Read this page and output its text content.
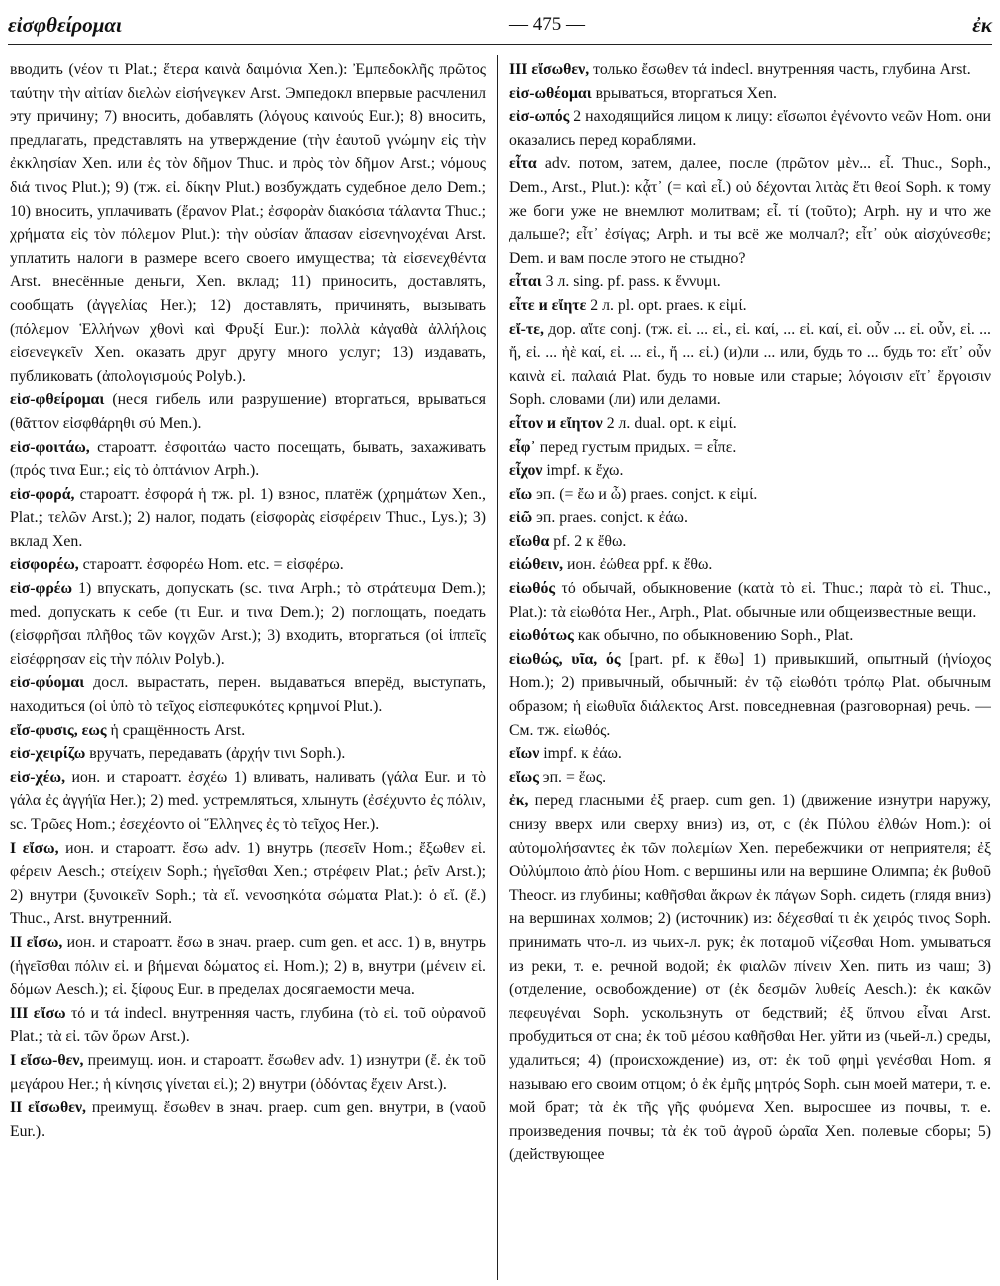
εἰσφθείρομαι	— 475 —	ἐκ

вводить (νέον τι Plat.; ἕτερα καινὰ δαιμόνια Xen.): Ἐμπεδοκλῆς πρῶτος ταύτην τὴν αἰτίαν διελὼν εἰσήνεγκεν Arst. Эмпедокл впервые расчленил эту причину; 7) вносить, добавлять (λόγους καινούς Eur.); 8) вносить, предлагать, представлять на утверждение (τὴν ἑαυτοῦ γνώμην εἰς τὴν ἐκκλησίαν Xen. или ἐς τὸν δῆμον Thuc. и πρὸς τὸν δῆμον Arst.; νόμους διά τινος Plut.); 9) (тж. εἰ. δίκην Plut.) возбуждать судебное дело Dem.; 10) вносить, уплачивать (ἔρανον Plat.; ἐσφορὰν διακόσια τάλαντα Thuc.; χρήματα εἰς τὸν πόλεμον Plut.): τὴν οὐσίαν ἅπασαν εἰσενηνοχέναι Arst. уплатить налоги в размере всего своего имущества; τὰ εἰσενεχθέντα Arst. внесённые деньги, Xen. вклад; 11) приносить, доставлять, сообщать (ἀγγελίας Her.); 12) доставлять, причинять, вызывать (πόλεμον Ἑλλήνων χθονὶ καὶ Φρυξί Eur.): πολλὰ κἀγαθὰ ἀλλήλοις εἰσενεγκεῖν Xen. оказать друг другу много услуг; 13) издавать, публиковать (ἀπολογισμούς Polyb.).

εἰσ-φθείρομαι (неся гибель или разрушение) вторгаться, врываться (θᾶττον εἰσφθάρηθι σύ Men.).

εἰσ-φοιτάω, староатт. ἐσφοιτάω часто посещать, бывать, захаживать (πρός τινα Eur.; εἰς τὸ ὀπτάνιον Arph.).

εἰσ-φορά, староатт. ἐσφορά ἡ тж. pl. 1) взнос, платёж (χρημάτων Xen., Plat.; τελῶν Arst.); 2) налог, подать (εἰσφορὰς εἰσφέρειν Thuc., Lys.); 3) вклад Xen.

εἰσφορέω, староатт. ἐσφορέω Hom. etc. = εἰσφέρω.

εἰσ-φρέω 1) впускать, допускать (sc. τινα Arph.; τὸ στράτευμα Dem.); med. допускать к себе (τι Eur. и τινα Dem.); 2) поглощать, поедать (εἰσφρῆσαι πλῆθος τῶν κογχῶν Arst.); 3) входить, вторгаться (οἱ ἱππεῖς εἰσέφρησαν εἰς τὴν πόλιν Polyb.).

εἰσ-φύομαι досл. вырастать, перен. выдаваться вперёд, выступать, находиться (οἱ ὑπὸ τὸ τεῖχος εἰσπεφυκότες κρημνοί Plut.).

εἴσ-φυσις, εως ἡ сращённость Arst.

εἰσ-χειρίζω вручать, передавать (ἀρχήν τινι Soph.).

εἰσ-χέω, ион. и староатт. ἐσχέω 1) вливать, наливать (γάλα Eur. и τὸ γάλα ἐς ἀγγήϊα Her.); 2) med. устремляться, хлынуть (ἐσέχυντο ἐς πόλιν, sc. Τρῶες Hom.; ἐσεχέοντο οἱ Ἕλληνες ἐς τὸ τεῖχος Her.).

I εἴσω, ион. и староатт. ἔσω adv. 1) внутрь (πεσεῖν Hom.; ἔξωθεν εἰ. φέρειν Aesch.; στείχειν Soph.; ἡγεῖσθαι Xen.; στρέφειν Plat.; ῥεῖν Arst.); 2) внутри (ξυνοικεῖν Soph.; τὰ εἴ. νενοσηκότα σώματα Plat.): ὁ εἴ. (ἔ.) Thuc., Arst. внутренний.

II εἴσω, ион. и староатт. ἔσω в знач. praep. cum gen. et acc. 1) в, внутрь (ἡγεῖσθαι πόλιν εἰ. и βήμεναι δώματος εἰ. Hom.); 2) в, внутри (μένειν εἰ. δόμων Aesch.); εἰ. ξίφους Eur. в пределах досягаемости меча.

III εἴσω τό и τά indecl. внутренняя часть, глубина (τὸ εἰ. τοῦ οὐρανοῦ Plat.; τὰ εἰ. τῶν ὅρων Arst.).

I εἴσω-θεν, преимущ. ион. и староатт. ἔσωθεν adv. 1) изнутри (ἔ. ἐκ τοῦ μεγάρου Her.; ἡ κίνησις γίνεται εἰ.); 2) внутри (ὀδόντας ἔχειν Arst.).

II εἴσωθεν, преимущ. ἔσωθεν в знач. praep. cum gen. внутри, в (ναοῦ Eur.).

III εἴσωθεν, только ἔσωθεν τά indecl. внутренняя часть, глубина Arst.

εἰσ-ωθέομαι врываться, вторгаться Xen.

εἰσ-ωπός 2 находящийся лицом к лицу: εἴσωποι ἐγένοντο νεῶν Hom. они оказались перед кораблями.

εἶτα adv. потом, затем, далее, после (πρῶτον μὲν... εἶ. Thuc., Soph., Dem., Arst., Plut.): κᾆτ᾽ (= καὶ εἶ.) οὐ δέχονται λιτὰς ἔτι θεοί Soph. к тому же боги уже не внемлют молитвам; εἶ. τί (τοῦτο); Arph. ну и что же дальше?; εἶτ᾽ ἐσίγας; Arph. и ты всё же молчал?; εἶτ᾽ οὐκ αἰσχύνεσθε; Dem. и вам после этого не стыдно?

εἶται 3 л. sing. pf. pass. к ἕννυμι.

εἶτε и εἴητε 2 л. pl. opt. praes. к εἰμί.

εἴ-τε, дор. αἴτε conj. (тж. εἰ. ... εἰ., εἰ. καί, ... εἰ. καί, εἰ. οὖν ... εἰ. οὖν, εἰ. ... ἤ, εἰ. ... ἠὲ καί, εἰ. ... εἰ., ἤ ... εἰ.) (и)ли ... или, будь то ... будь то: εἴτ᾽ οὖν καινὰ εἰ. παλαιά Plat. будь то новые или старые; λόγοισιν εἴτ᾽ ἔργοισιν Soph. словами (ли) или делами.

εἶτον и εἴητον 2 л. dual. opt. к εἰμί.

εἶφ᾽ перед густым придых. = εἶπε.

εἶχον impf. к ἔχω.

εἴω эп. (= ἔω и ὦ) praes. conjct. к εἰμί.

εἰῶ эп. praes. conjct. к ἐάω.

εἴωθα pf. 2 к ἔθω.

εἰώθειν, ион. ἐώθεα ppf. к ἔθω.

εἰωθός τό обычай, обыкновение (κατὰ τὸ εἰ. Thuc.; παρὰ τὸ εἰ. Thuc., Plat.): τὰ εἰωθότα Her., Arph., Plat. обычные или общеизвестные вещи.

εἰωθότως как обычно, по обыкновению Soph., Plat.

εἰωθώς, υῖα, ός [part. pf. к ἔθω] 1) привыкший, опытный (ἡνίοχος Hom.); 2) привычный, обычный: ἐν τῷ εἰωθότι τρόπῳ Plat. обычным образом; ἡ εἰωθυῖα διάλεκτος Arst. повседневная (разговорная) речь. — См. тж. εἰωθός.

εἴων impf. к ἐάω.

εἴως эп. = ἕως.

ἐκ, перед гласными ἐξ praep. cum gen. 1) (движение изнутри наружу, снизу вверх или сверху вниз) из, от, с (ἐκ Πύλου ἐλθών Hom.): οἱ αὐτομολήσαντες ἐκ τῶν πολεμίων Xen. перебежчики от неприятеля; ἐξ Οὐλύμποιο ἀπὸ ῥίου Hom. с вершины или на вершине Олимпа; ἐκ βυθοῦ Theocr. из глубины; καθῆσθαι ἄκρων ἐκ πάγων Soph. сидеть (глядя вниз) на вершинах холмов; 2) (источник) из: δέχεσθαί τι ἐκ χειρός τινος Soph. принимать что-л. из чьих-л. рук; ἐκ ποταμοῦ νίζεσθαι Hom. умываться из реки, т. е. речной водой; ἐκ φιαλῶν πίνειν Xen. пить из чаш; 3) (отделение, освобождение) от (ἐκ δεσμῶν λυθείς Aesch.): ἐκ κακῶν πεφευγέναι Soph. ускользнуть от бедствий; ἐξ ὕπνου εἶναι Arst. пробудиться от сна; ἐκ τοῦ μέσου καθῆσθαι Her. уйти из (чьей-л.) среды, удалиться; 4) (происхождение) из, от: ἐκ τοῦ φημὶ γενέσθαι Hom. я называю его своим отцом; ὁ ἐκ ἐμῆς μητρός Soph. сын моей матери, т. е. мой брат; τὰ ἐκ τῆς γῆς φυόμενα Xen. выросшее из почвы, т. е. произведения почвы; τὰ ἐκ τοῦ ἀγροῦ ὡραῖα Xen. полевые сборы; 5) (действующее
